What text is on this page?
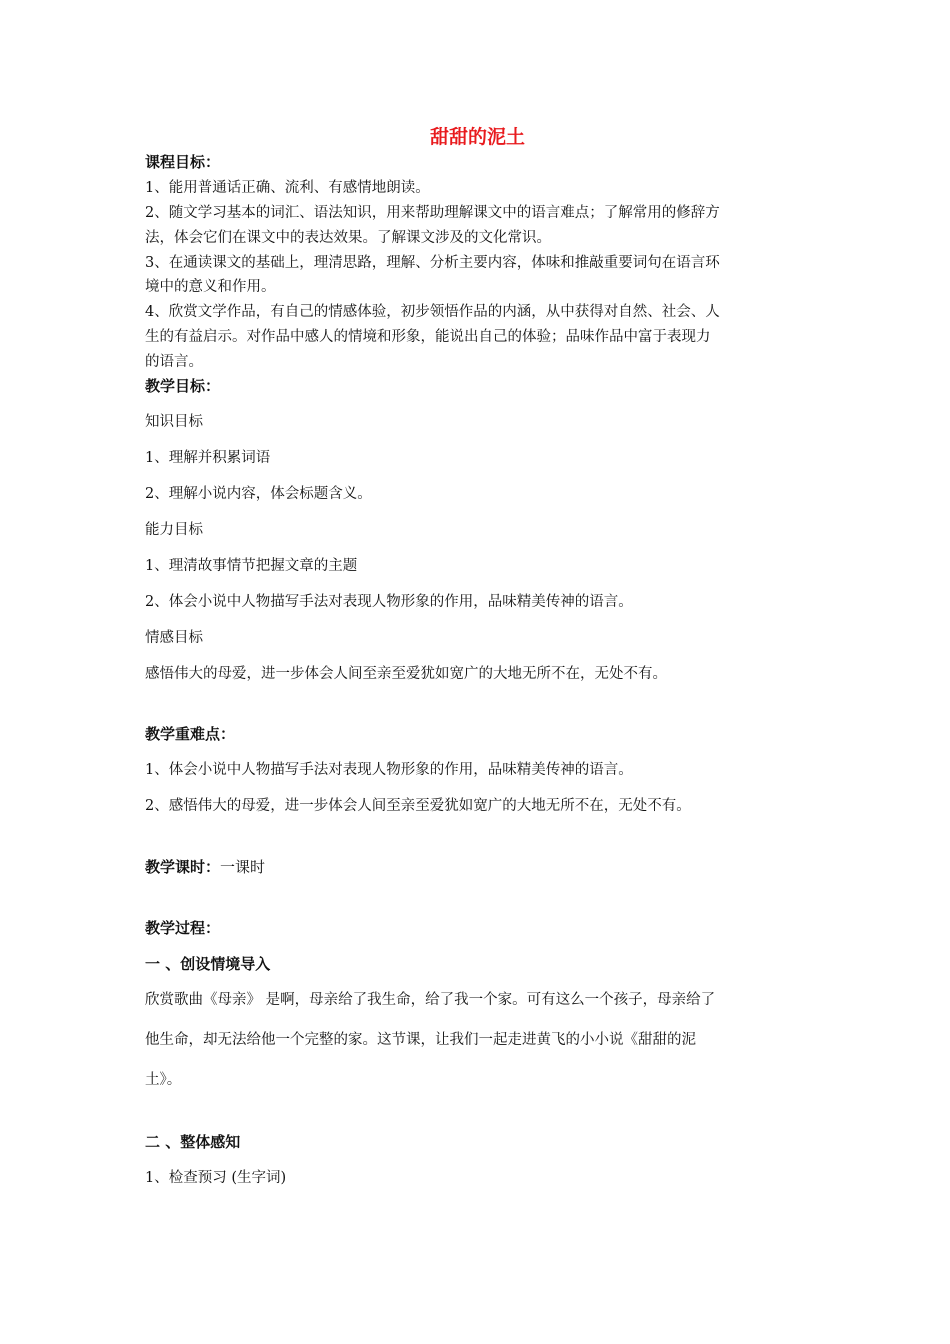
甜甜的泥土
课程目标：
1、能用普通话正确、流利、有感情地朗读。
2、随文学习基本的词汇、语法知识，用来帮助理解课文中的语言难点；了解常用的修辞方
法，体会它们在课文中的表达效果。了解课文涉及的文化常识。
3、在通读课文的基础上，理清思路，理解、分析主要内容，体味和推敲重要词句在语言环
境中的意义和作用。
4、欣赏文学作品，有自己的情感体验，初步领悟作品的内涵，从中获得对自然、社会、人
生的有益启示。对作品中感人的情境和形象，能说出自己的体验；品味作品中富于表现力
的语言。
教学目标：
知识目标
1、理解并积累词语
2、理解小说内容，体会标题含义。
能力目标
1、理清故事情节把握文章的主题
2、体会小说中人物描写手法对表现人物形象的作用，品味精美传神的语言。
情感目标
感悟伟大的母爱，进一步体会人间至亲至爱犹如宽广的大地无所不在，无处不有。
教学重难点：
1、体会小说中人物描写手法对表现人物形象的作用，品味精美传神的语言。
2、感悟伟大的母爱，进一步体会人间至亲至爱犹如宽广的大地无所不在，无处不有。
教学课时：一课时
教学过程：
一 、创设情境导入
欣赏歌曲《母亲》 是啊，母亲给了我生命，给了我一个家。可有这么一个孩子，母亲给了
他生命，却无法给他一个完整的家。这节课，让我们一起走进黄飞的小小说《甜甜的泥
土》。
二 、整体感知
1、检查预习 (生字词)
